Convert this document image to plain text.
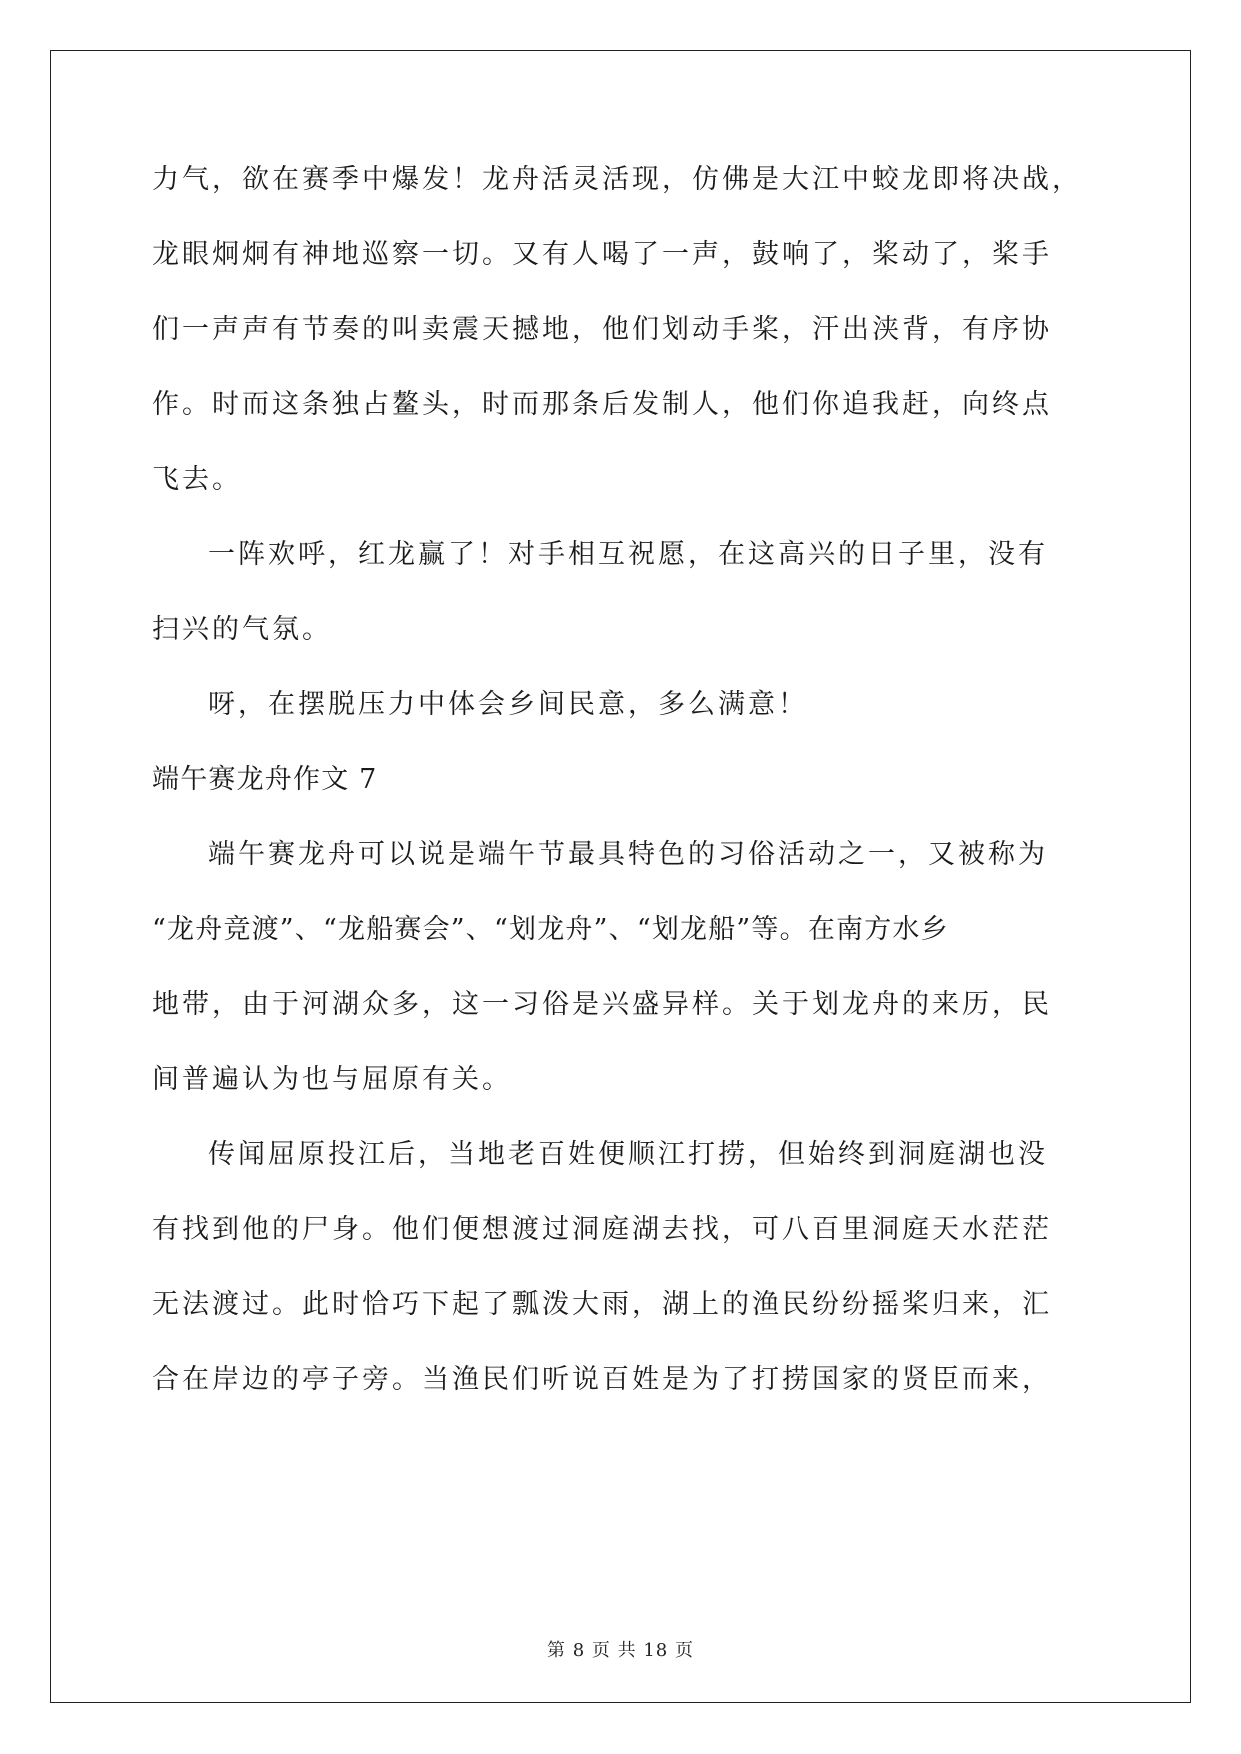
力气，欲在赛季中爆发！龙舟活灵活现，仿佛是大江中蛟龙即将决战，
龙眼炯炯有神地巡察一切。又有人喝了一声，鼓响了，桨动了，桨手
们一声声有节奏的叫卖震天撼地，他们划动手桨，汗出浃背，有序协
作。时而这条独占鳌头，时而那条后发制人，他们你追我赶，向终点
飞去。
一阵欢呼，红龙赢了！对手相互祝愿，在这高兴的日子里，没有
扫兴的气氛。
呀，在摆脱压力中体会乡间民意，多么满意！
端午赛龙舟作文 7
端午赛龙舟可以说是端午节最具特色的习俗活动之一，又被称为
“龙舟竞渡”、“龙船赛会”、“划龙舟”、“划龙船”等。在南方水乡
地带，由于河湖众多，这一习俗是兴盛异样。关于划龙舟的来历，民
间普遍认为也与屈原有关。
传闻屈原投江后，当地老百姓便顺江打捞，但始终到洞庭湖也没
有找到他的尸身。他们便想渡过洞庭湖去找，可八百里洞庭天水茫茫
无法渡过。此时恰巧下起了瓢泼大雨，湖上的渔民纷纷摇桨归来，汇
合在岸边的亭子旁。当渔民们听说百姓是为了打捞国家的贤臣而来，
第 8 页 共 18 页
